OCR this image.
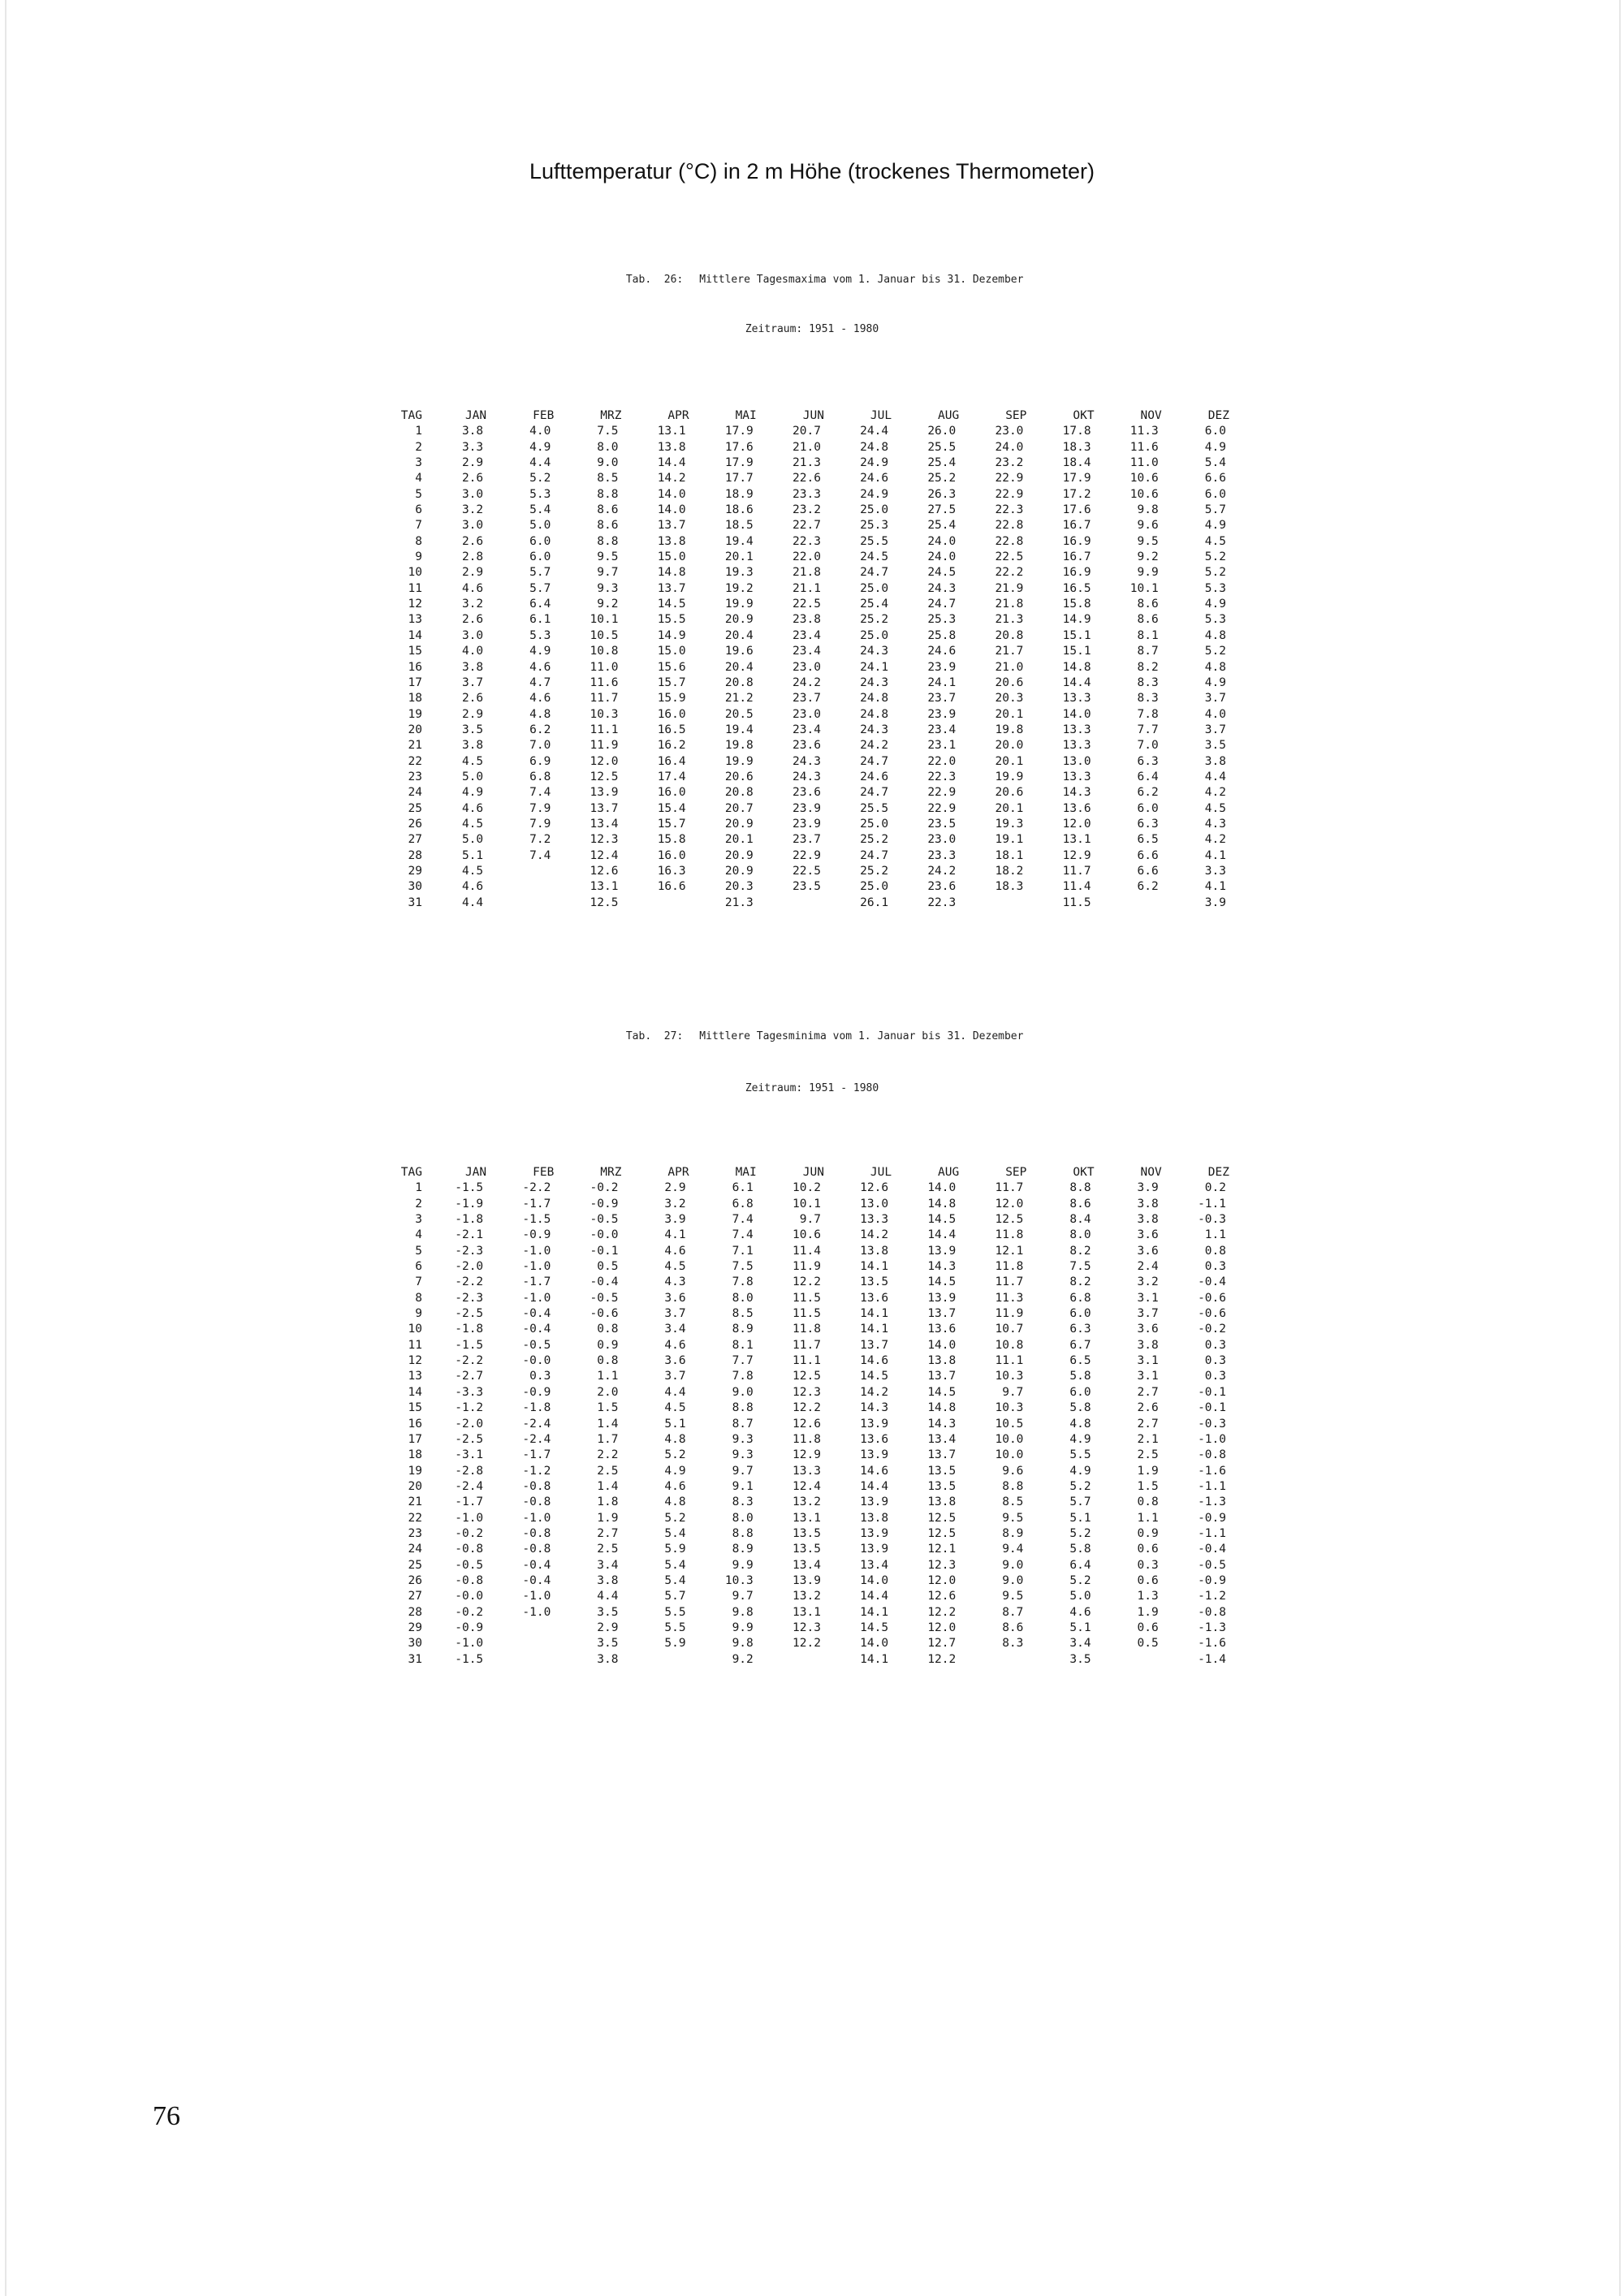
Lufttemperatur (°C) in 2 m Höhe (trockenes Thermometer)

Tab.  26: Mittlere Tagesmaxima vom 1. Januar bis 31. Dezember

Zeitraum: 1951 - 1980
TAG	JAN	FEB	MRZ	APR	MAI	JUN	JUL	AUG	SEP	OKT	NOV	DEZ
1	3.8	4.0	7.5	13.1	17.9	20.7	24.4	26.0	23.0	17.8	11.3	6.0
2	3.3	4.9	8.0	13.8	17.6	21.0	24.8	25.5	24.0	18.3	11.6	4.9
3	2.9	4.4	9.0	14.4	17.9	21.3	24.9	25.4	23.2	18.4	11.0	5.4
4	2.6	5.2	8.5	14.2	17.7	22.6	24.6	25.2	22.9	17.9	10.6	6.6
5	3.0	5.3	8.8	14.0	18.9	23.3	24.9	26.3	22.9	17.2	10.6	6.0
6	3.2	5.4	8.6	14.0	18.6	23.2	25.0	27.5	22.3	17.6	9.8	5.7
7	3.0	5.0	8.6	13.7	18.5	22.7	25.3	25.4	22.8	16.7	9.6	4.9
8	2.6	6.0	8.8	13.8	19.4	22.3	25.5	24.0	22.8	16.9	9.5	4.5
9	2.8	6.0	9.5	15.0	20.1	22.0	24.5	24.0	22.5	16.7	9.2	5.2
10	2.9	5.7	9.7	14.8	19.3	21.8	24.7	24.5	22.2	16.9	9.9	5.2
11	4.6	5.7	9.3	13.7	19.2	21.1	25.0	24.3	21.9	16.5	10.1	5.3
12	3.2	6.4	9.2	14.5	19.9	22.5	25.4	24.7	21.8	15.8	8.6	4.9
13	2.6	6.1	10.1	15.5	20.9	23.8	25.2	25.3	21.3	14.9	8.6	5.3
14	3.0	5.3	10.5	14.9	20.4	23.4	25.0	25.8	20.8	15.1	8.1	4.8
15	4.0	4.9	10.8	15.0	19.6	23.4	24.3	24.6	21.7	15.1	8.7	5.2
16	3.8	4.6	11.0	15.6	20.4	23.0	24.1	23.9	21.0	14.8	8.2	4.8
17	3.7	4.7	11.6	15.7	20.8	24.2	24.3	24.1	20.6	14.4	8.3	4.9
18	2.6	4.6	11.7	15.9	21.2	23.7	24.8	23.7	20.3	13.3	8.3	3.7
19	2.9	4.8	10.3	16.0	20.5	23.0	24.8	23.9	20.1	14.0	7.8	4.0
20	3.5	6.2	11.1	16.5	19.4	23.4	24.3	23.4	19.8	13.3	7.7	3.7
21	3.8	7.0	11.9	16.2	19.8	23.6	24.2	23.1	20.0	13.3	7.0	3.5
22	4.5	6.9	12.0	16.4	19.9	24.3	24.7	22.0	20.1	13.0	6.3	3.8
23	5.0	6.8	12.5	17.4	20.6	24.3	24.6	22.3	19.9	13.3	6.4	4.4
24	4.9	7.4	13.9	16.0	20.8	23.6	24.7	22.9	20.6	14.3	6.2	4.2
25	4.6	7.9	13.7	15.4	20.7	23.9	25.5	22.9	20.1	13.6	6.0	4.5
26	4.5	7.9	13.4	15.7	20.9	23.9	25.0	23.5	19.3	12.0	6.3	4.3
27	5.0	7.2	12.3	15.8	20.1	23.7	25.2	23.0	19.1	13.1	6.5	4.2
28	5.1	7.4	12.4	16.0	20.9	22.9	24.7	23.3	18.1	12.9	6.6	4.1
29	4.5		12.6	16.3	20.9	22.5	25.2	24.2	18.2	11.7	6.6	3.3
30	4.6		13.1	16.6	20.3	23.5	25.0	23.6	18.3	11.4	6.2	4.1
31	4.4		12.5		21.3		26.1	22.3		11.5		3.9

Tab.  27: Mittlere Tagesminima vom 1. Januar bis 31. Dezember

Zeitraum: 1951 - 1980
TAG	JAN	FEB	MRZ	APR	MAI	JUN	JUL	AUG	SEP	OKT	NOV	DEZ
1	-1.5	-2.2	-0.2	2.9	6.1	10.2	12.6	14.0	11.7	8.8	3.9	0.2
2	-1.9	-1.7	-0.9	3.2	6.8	10.1	13.0	14.8	12.0	8.6	3.8	-1.1
3	-1.8	-1.5	-0.5	3.9	7.4	9.7	13.3	14.5	12.5	8.4	3.8	-0.3
4	-2.1	-0.9	-0.0	4.1	7.4	10.6	14.2	14.4	11.8	8.0	3.6	1.1
5	-2.3	-1.0	-0.1	4.6	7.1	11.4	13.8	13.9	12.1	8.2	3.6	0.8
6	-2.0	-1.0	0.5	4.5	7.5	11.9	14.1	14.3	11.8	7.5	2.4	0.3
7	-2.2	-1.7	-0.4	4.3	7.8	12.2	13.5	14.5	11.7	8.2	3.2	-0.4
8	-2.3	-1.0	-0.5	3.6	8.0	11.5	13.6	13.9	11.3	6.8	3.1	-0.6
9	-2.5	-0.4	-0.6	3.7	8.5	11.5	14.1	13.7	11.9	6.0	3.7	-0.6
10	-1.8	-0.4	0.8	3.4	8.9	11.8	14.1	13.6	10.7	6.3	3.6	-0.2
11	-1.5	-0.5	0.9	4.6	8.1	11.7	13.7	14.0	10.8	6.7	3.8	0.3
12	-2.2	-0.0	0.8	3.6	7.7	11.1	14.6	13.8	11.1	6.5	3.1	0.3
13	-2.7	0.3	1.1	3.7	7.8	12.5	14.5	13.7	10.3	5.8	3.1	0.3
14	-3.3	-0.9	2.0	4.4	9.0	12.3	14.2	14.5	9.7	6.0	2.7	-0.1
15	-1.2	-1.8	1.5	4.5	8.8	12.2	14.3	14.8	10.3	5.8	2.6	-0.1
16	-2.0	-2.4	1.4	5.1	8.7	12.6	13.9	14.3	10.5	4.8	2.7	-0.3
17	-2.5	-2.4	1.7	4.8	9.3	11.8	13.6	13.4	10.0	4.9	2.1	-1.0
18	-3.1	-1.7	2.2	5.2	9.3	12.9	13.9	13.7	10.0	5.5	2.5	-0.8
19	-2.8	-1.2	2.5	4.9	9.7	13.3	14.6	13.5	9.6	4.9	1.9	-1.6
20	-2.4	-0.8	1.4	4.6	9.1	12.4	14.4	13.5	8.8	5.2	1.5	-1.1
21	-1.7	-0.8	1.8	4.8	8.3	13.2	13.9	13.8	8.5	5.7	0.8	-1.3
22	-1.0	-1.0	1.9	5.2	8.0	13.1	13.8	12.5	9.5	5.1	1.1	-0.9
23	-0.2	-0.8	2.7	5.4	8.8	13.5	13.9	12.5	8.9	5.2	0.9	-1.1
24	-0.8	-0.8	2.5	5.9	8.9	13.5	13.9	12.1	9.4	5.8	0.6	-0.4
25	-0.5	-0.4	3.4	5.4	9.9	13.4	13.4	12.3	9.0	6.4	0.3	-0.5
26	-0.8	-0.4	3.8	5.4	10.3	13.9	14.0	12.0	9.0	5.2	0.6	-0.9
27	-0.0	-1.0	4.4	5.7	9.7	13.2	14.4	12.6	9.5	5.0	1.3	-1.2
28	-0.2	-1.0	3.5	5.5	9.8	13.1	14.1	12.2	8.7	4.6	1.9	-0.8
29	-0.9		2.9	5.5	9.9	12.3	14.5	12.0	8.6	5.1	0.6	-1.3
30	-1.0		3.5	5.9	9.8	12.2	14.0	12.7	8.3	3.4	0.5	-1.6
31	-1.5		3.8		9.2		14.1	12.2		3.5		-1.4
76
